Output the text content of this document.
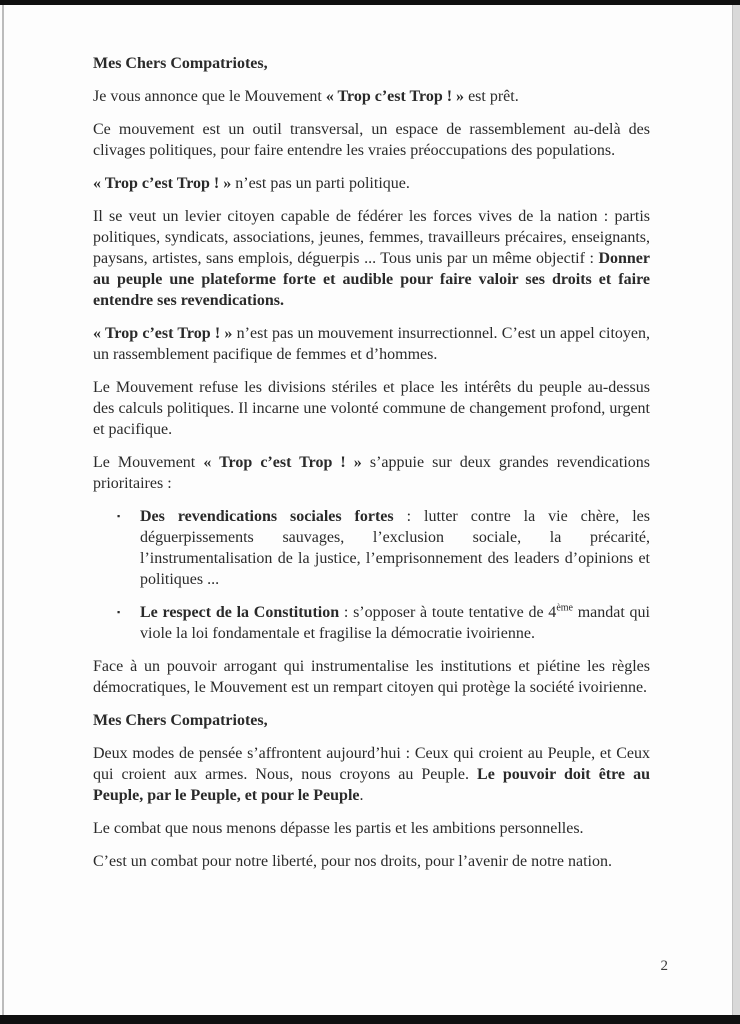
Mes Chers Compatriotes,

Je vous annonce que le Mouvement « Trop c’est Trop ! » est prêt.

Ce mouvement est un outil transversal, un espace de rassemblement au-delà des clivages politiques, pour faire entendre les vraies préoccupations des populations.

« Trop c’est Trop ! » n’est pas un parti politique.

Il se veut un levier citoyen capable de fédérer les forces vives de la nation : partis politiques, syndicats, associations, jeunes, femmes, travailleurs précaires, enseignants, paysans, artistes, sans emplois, déguerpis ... Tous unis par un même objectif : Donner au peuple une plateforme forte et audible pour faire valoir ses droits et faire entendre ses revendications.

« Trop c’est Trop ! » n’est pas un mouvement insurrectionnel. C’est un appel citoyen, un rassemblement pacifique de femmes et d’hommes.

Le Mouvement refuse les divisions stériles et place les intérêts du peuple au-dessus des calculs politiques. Il incarne une volonté commune de changement profond, urgent et pacifique.

Le Mouvement « Trop c’est Trop ! » s’appuie sur deux grandes revendications prioritaires :

▪	Des revendications sociales fortes : lutter contre la vie chère, les déguerpissements sauvages, l’exclusion sociale, la précarité, l’instrumentalisation de la justice, l’emprisonnement des leaders d’opinions et politiques ...
▪	Le respect de la Constitution : s’opposer à toute tentative de 4ème mandat qui viole la loi fondamentale et fragilise la démocratie ivoirienne.

Face à un pouvoir arrogant qui instrumentalise les institutions et piétine les règles démocratiques, le Mouvement est un rempart citoyen qui protège la société ivoirienne.

Mes Chers Compatriotes,

Deux modes de pensée s’affrontent aujourd’hui : Ceux qui croient au Peuple, et Ceux qui croient aux armes. Nous, nous croyons au Peuple. Le pouvoir doit être au Peuple, par le Peuple, et pour le Peuple.

Le combat que nous menons dépasse les partis et les ambitions personnelles.

C’est un combat pour notre liberté, pour nos droits, pour l’avenir de notre nation.

2
